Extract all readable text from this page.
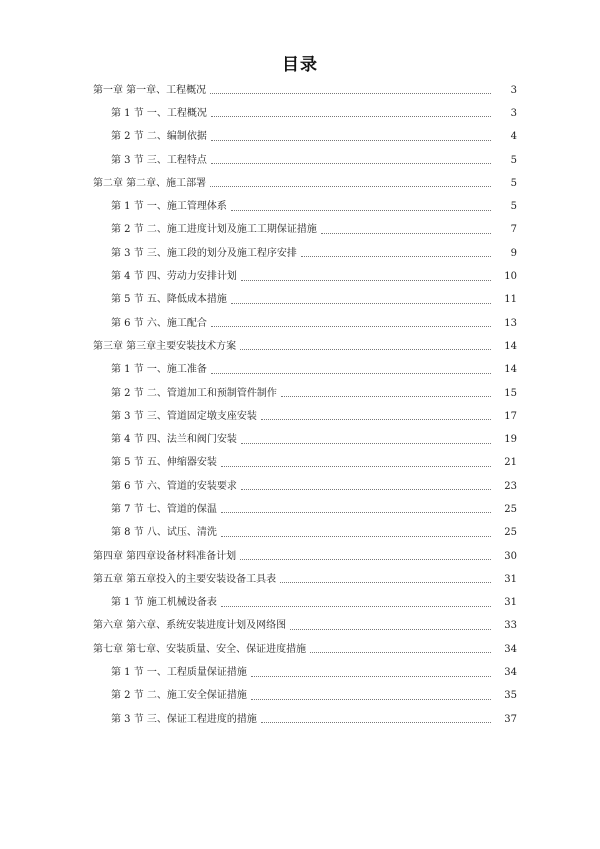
目录
第一章 第一章、工程概况	3
第 1 节 一、工程概况	3
第 2 节 二、编制依据	4
第 3 节 三、工程特点	5
第二章 第二章、施工部署	5
第 1 节 一、施工管理体系	5
第 2 节 二、施工进度计划及施工工期保证措施	7
第 3 节 三、施工段的划分及施工程序安排	9
第 4 节 四、劳动力安排计划	10
第 5 节 五、降低成本措施	11
第 6 节 六、施工配合	13
第三章 第三章主要安装技术方案	14
第 1 节 一、施工准备	14
第 2 节 二、管道加工和预制管件制作	15
第 3 节 三、管道固定墩支座安装	17
第 4 节 四、法兰和阀门安装	19
第 5 节 五、伸缩器安装	21
第 6 节 六、管道的安装要求	23
第 7 节 七、管道的保温	25
第 8 节 八、试压、清洗	25
第四章 第四章设备材料准备计划	30
第五章 第五章投入的主要安装设备工具表	31
第 1 节 施工机械设备表	31
第六章 第六章、系统安装进度计划及网络图	33
第七章 第七章、安装质量、安全、保证进度措施	34
第 1 节 一、工程质量保证措施	34
第 2 节 二、施工安全保证措施	35
第 3 节 三、保证工程进度的措施	37
